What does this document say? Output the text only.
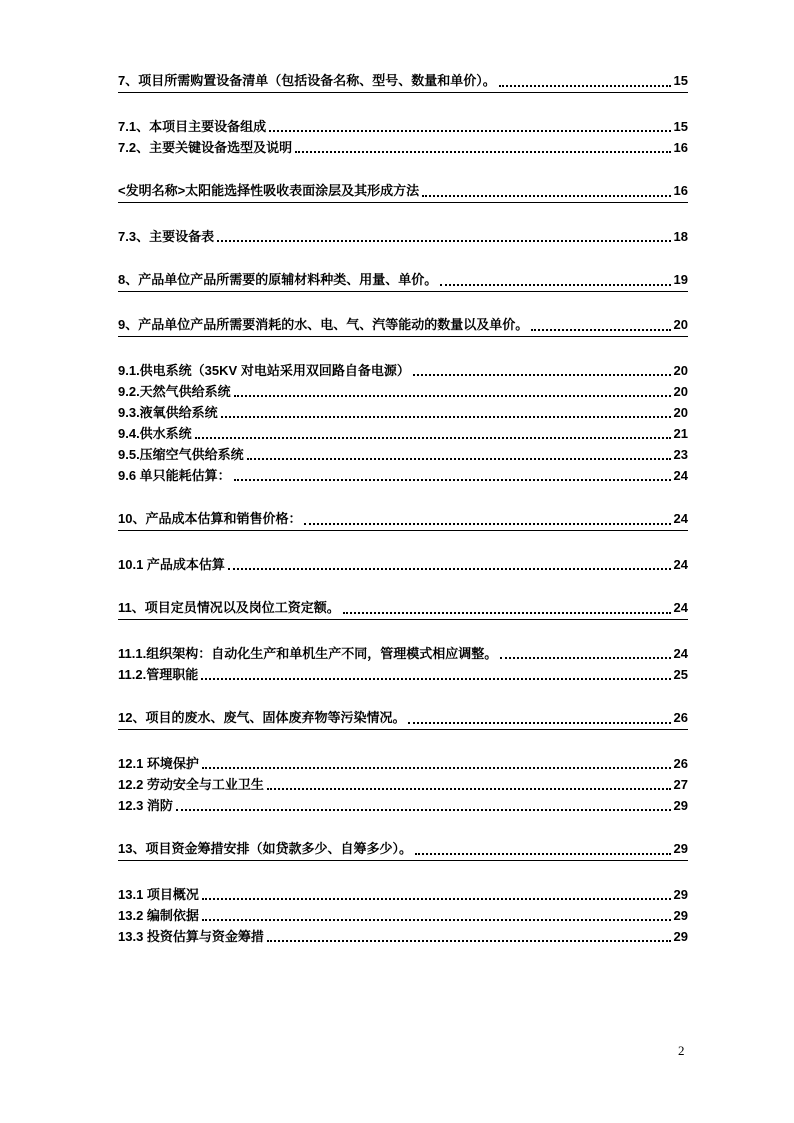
7、项目所需购置设备清单（包括设备名称、型号、数量和单价）。	15
7.1、本项目主要设备组成	15
7.2、主要关键设备选型及说明	16
<发明名称>太阳能选择性吸收表面涂层及其形成方法	16
7.3、主要设备表	18
8、产品单位产品所需要的原辅材料种类、用量、单价。	19
9、产品单位产品所需要消耗的水、电、气、汽等能动的数量以及单价。	20
9.1.供电系统（35KV 对电站采用双回路自备电源）	20
9.2.天然气供给系统	20
9.3.液氧供给系统	20
9.4.供水系统	21
9.5.压缩空气供给系统	23
9.6 单只能耗估算：	24
10、产品成本估算和销售价格：	24
10.1 产品成本估算	24
11、项目定员情况以及岗位工资定额。	24
11.1.组织架构：自动化生产和单机生产不同，管理模式相应调整。	24
11.2.管理职能	25
12、项目的废水、废气、固体废弃物等污染情况。	26
12.1 环境保护	26
12.2 劳动安全与工业卫生	27
12.3 消防	29
13、项目资金筹措安排（如贷款多少、自筹多少）。	29
13.1 项目概况	29
13.2 编制依据	29
13.3 投资估算与资金筹措	29
2
